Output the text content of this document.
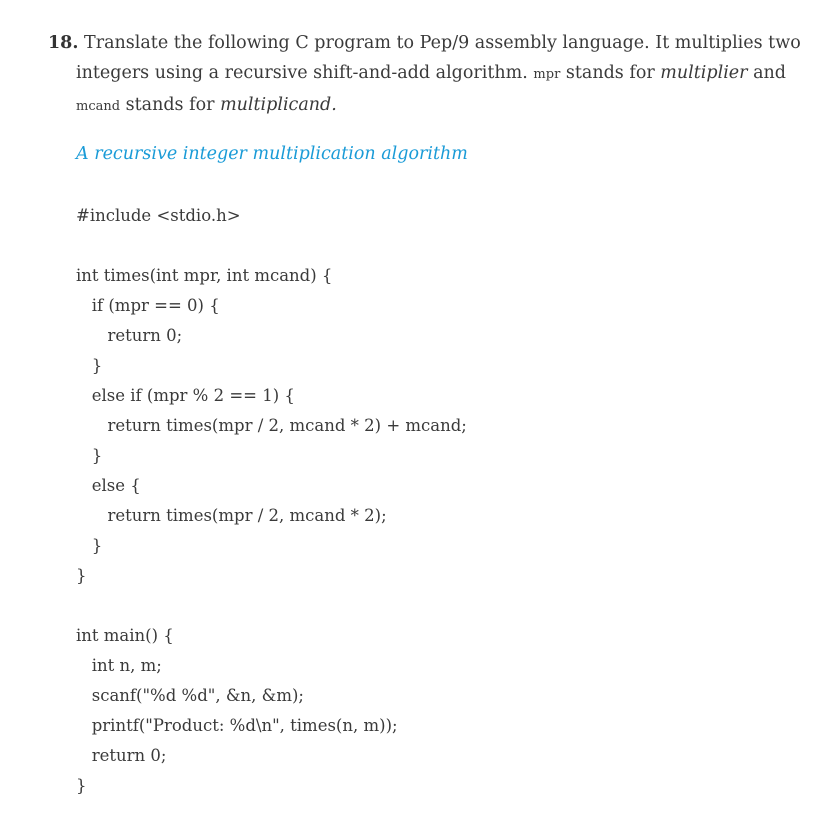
18. Translate the following C program to Pep/9 assembly language. It multiplies two
integers using a recursive shift-and-add algorithm. mpr stands for multiplier and
mcand stands for multiplicand.
A recursive integer multiplication algorithm
#include <stdio.h>
int times(int mpr, int mcand) {
if (mpr == 0) {
return 0;
}
else if (mpr % 2 == 1) {
return times(mpr / 2, mcand * 2) + mcand;
}
else {
return times(mpr / 2, mcand * 2);
}
}
int main() {
int n, m;
scanf("%d %d", &n, &m);
printf("Product: %d\n", times(n, m));
return 0;
}
